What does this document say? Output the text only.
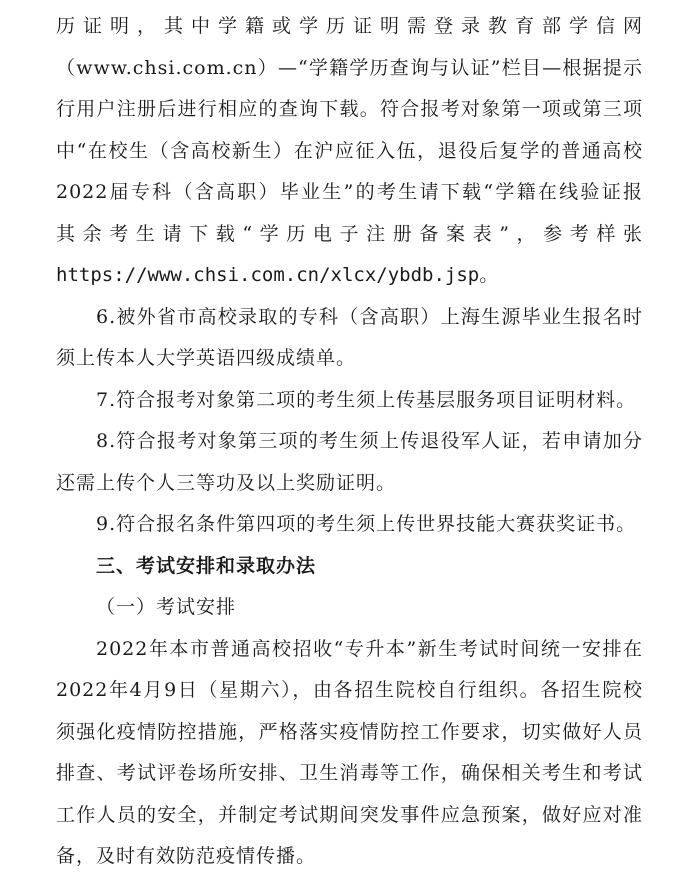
历证明，其中学籍或学历证明需登录教育部学信网
（www.chsi.com.cn）—“学籍学历查询与认证”栏目—根据提示
行用户注册后进行相应的查询下载。符合报考对象第一项或第三项
中“在校生（含高校新生）在沪应征入伍，退役后复学的普通高校
2022届专科（含高职）毕业生”的考生请下载“学籍在线验证报
其余考生请下载“学历电子注册备案表”，参考样张
https://www.chsi.com.cn/xlcx/ybdb.jsp。
6.被外省市高校录取的专科（含高职）上海生源毕业生报名时
须上传本人大学英语四级成绩单。
7.符合报考对象第二项的考生须上传基层服务项目证明材料。
8.符合报考对象第三项的考生须上传退役军人证，若申请加分
还需上传个人三等功及以上奖励证明。
9.符合报名条件第四项的考生须上传世界技能大赛获奖证书。
三、考试安排和录取办法
（一）考试安排
2022年本市普通高校招收“专升本”新生考试时间统一安排在
2022年4月9日（星期六），由各招生院校自行组织。各招生院校
须强化疫情防控措施，严格落实疫情防控工作要求，切实做好人员
排查、考试评卷场所安排、卫生消毒等工作，确保相关考生和考试
工作人员的安全，并制定考试期间突发事件应急预案，做好应对准
备，及时有效防范疫情传播。
